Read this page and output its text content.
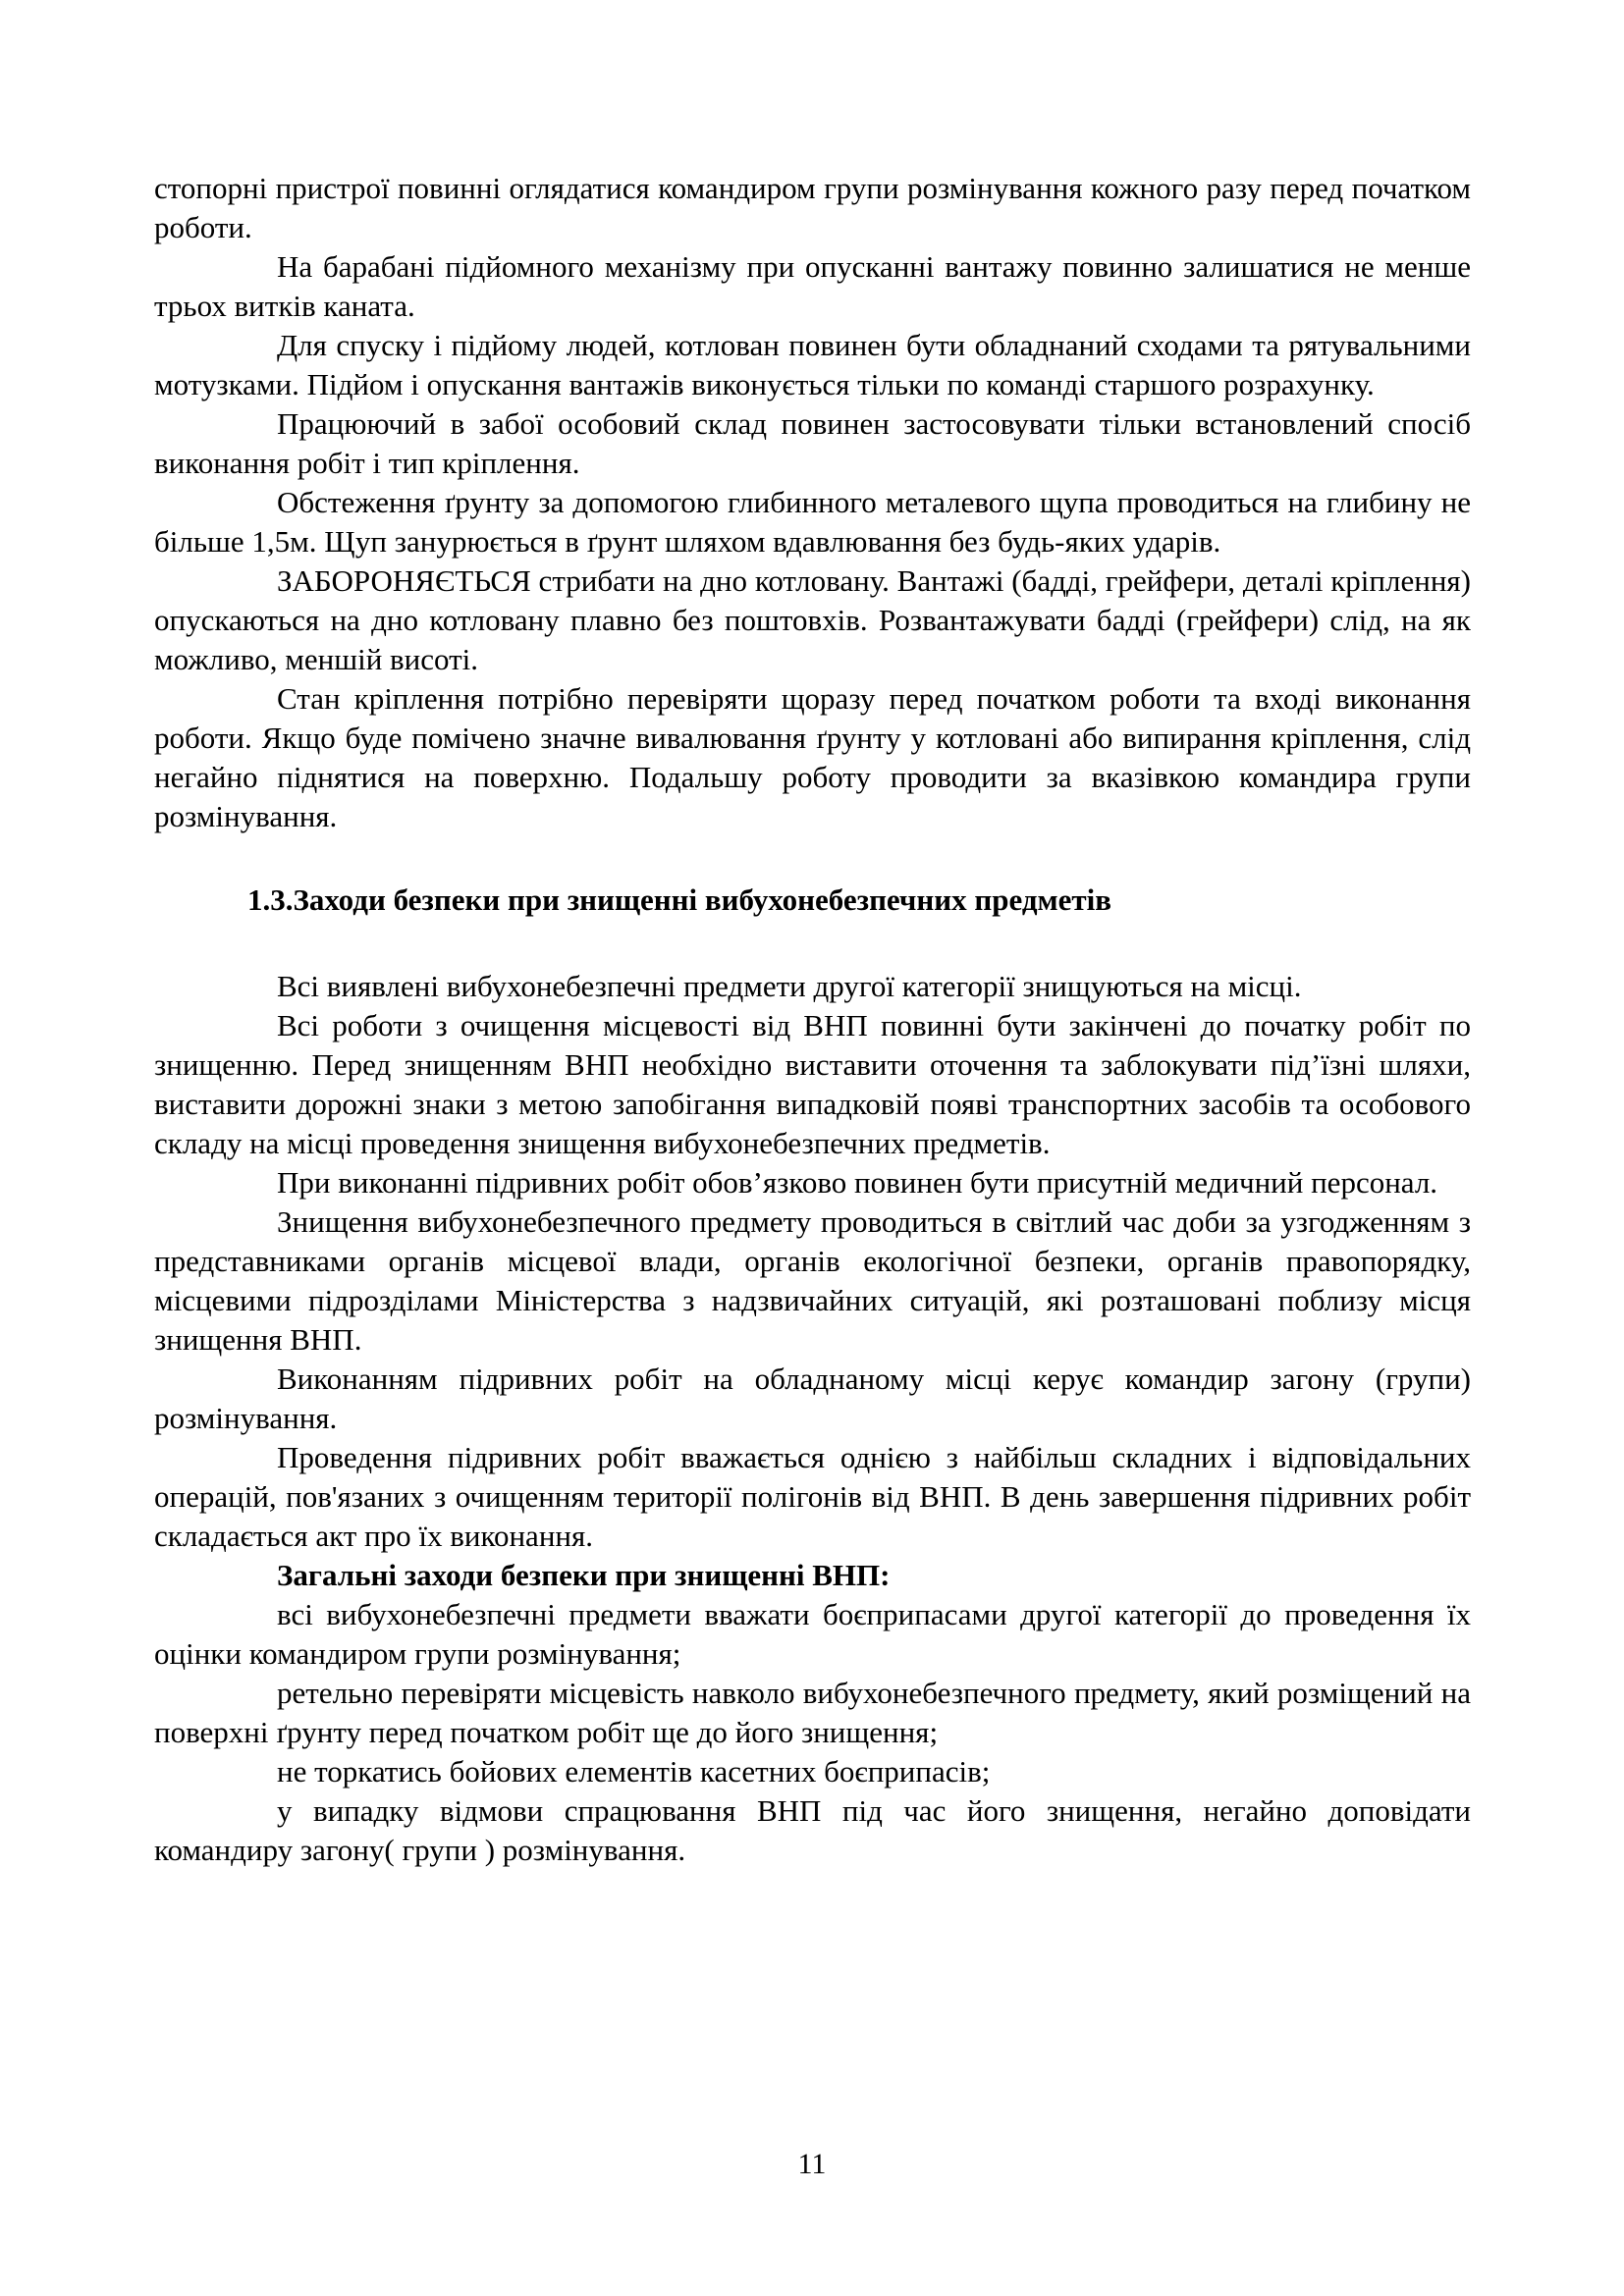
стопорні пристрої повинні оглядатися командиром групи розмінування кожного разу перед початком роботи.

На барабані підйомного механізму при опусканні вантажу повинно залишатися не менше трьох витків каната.

Для спуску і підйому людей, котлован повинен бути обладнаний сходами та рятувальними мотузками. Підйом і опускання вантажів виконується тільки по команді старшого розрахунку.

Працюючий в забої особовий склад повинен застосовувати тільки встановлений спосіб виконання робіт і тип кріплення.

Обстеження ґрунту за допомогою глибинного металевого щупа проводиться на глибину не більше 1,5м. Щуп занурюється в ґрунт шляхом вдавлювання без будь-яких ударів.

ЗАБОРОНЯЄТЬСЯ стрибати на дно котловану. Вантажі (бадді, грейфери, деталі кріплення) опускаються на дно котловану плавно без поштовхів. Розвантажувати бадді (грейфери) слід, на як можливо, меншій висоті.

Стан кріплення потрібно перевіряти щоразу перед початком роботи та вході виконання роботи. Якщо буде помічено значне вивалювання ґрунту у котловані або випирання кріплення, слід негайно піднятися на поверхню. Подальшу роботу проводити за вказівкою командира групи розмінування.

1.3.Заходи безпеки при знищенні вибухонебезпечних предметів

Всі виявлені вибухонебезпечні предмети другої категорії знищуються на місці.

Всі роботи з очищення місцевості від ВНП повинні бути закінчені до початку робіт по знищенню. Перед знищенням ВНП необхідно виставити оточення та заблокувати під’їзні шляхи, виставити дорожні знаки з метою запобігання випадковій появі транспортних засобів та особового складу на місці проведення знищення вибухонебезпечних предметів.

При виконанні підривних робіт обов’язково повинен бути присутній медичний персонал.

Знищення вибухонебезпечного предмету проводиться в світлий час доби за узгодженням з представниками органів місцевої влади, органів екологічної безпеки, органів правопорядку, місцевими підрозділами Міністерства з надзвичайних ситуацій, які розташовані поблизу місця знищення ВНП.

Виконанням підривних робіт на обладнаному місці керує командир загону (групи) розмінування.

Проведення підривних робіт вважається однією з найбільш складних і відповідальних операцій, пов'язаних з очищенням території полігонів від ВНП. В день завершення підривних робіт складається акт про їх виконання.

Загальні заходи безпеки при знищенні ВНП:

всі вибухонебезпечні предмети вважати боєприпасами другої категорії до проведення їх оцінки командиром групи розмінування;

ретельно перевіряти місцевість навколо вибухонебезпечного предмету, який розміщений на поверхні ґрунту перед початком робіт ще до його знищення;

не торкатись бойових елементів касетних боєприпасів;

у випадку відмови спрацювання ВНП під час його знищення, негайно доповідати командиру загону( групи ) розмінування.

11
